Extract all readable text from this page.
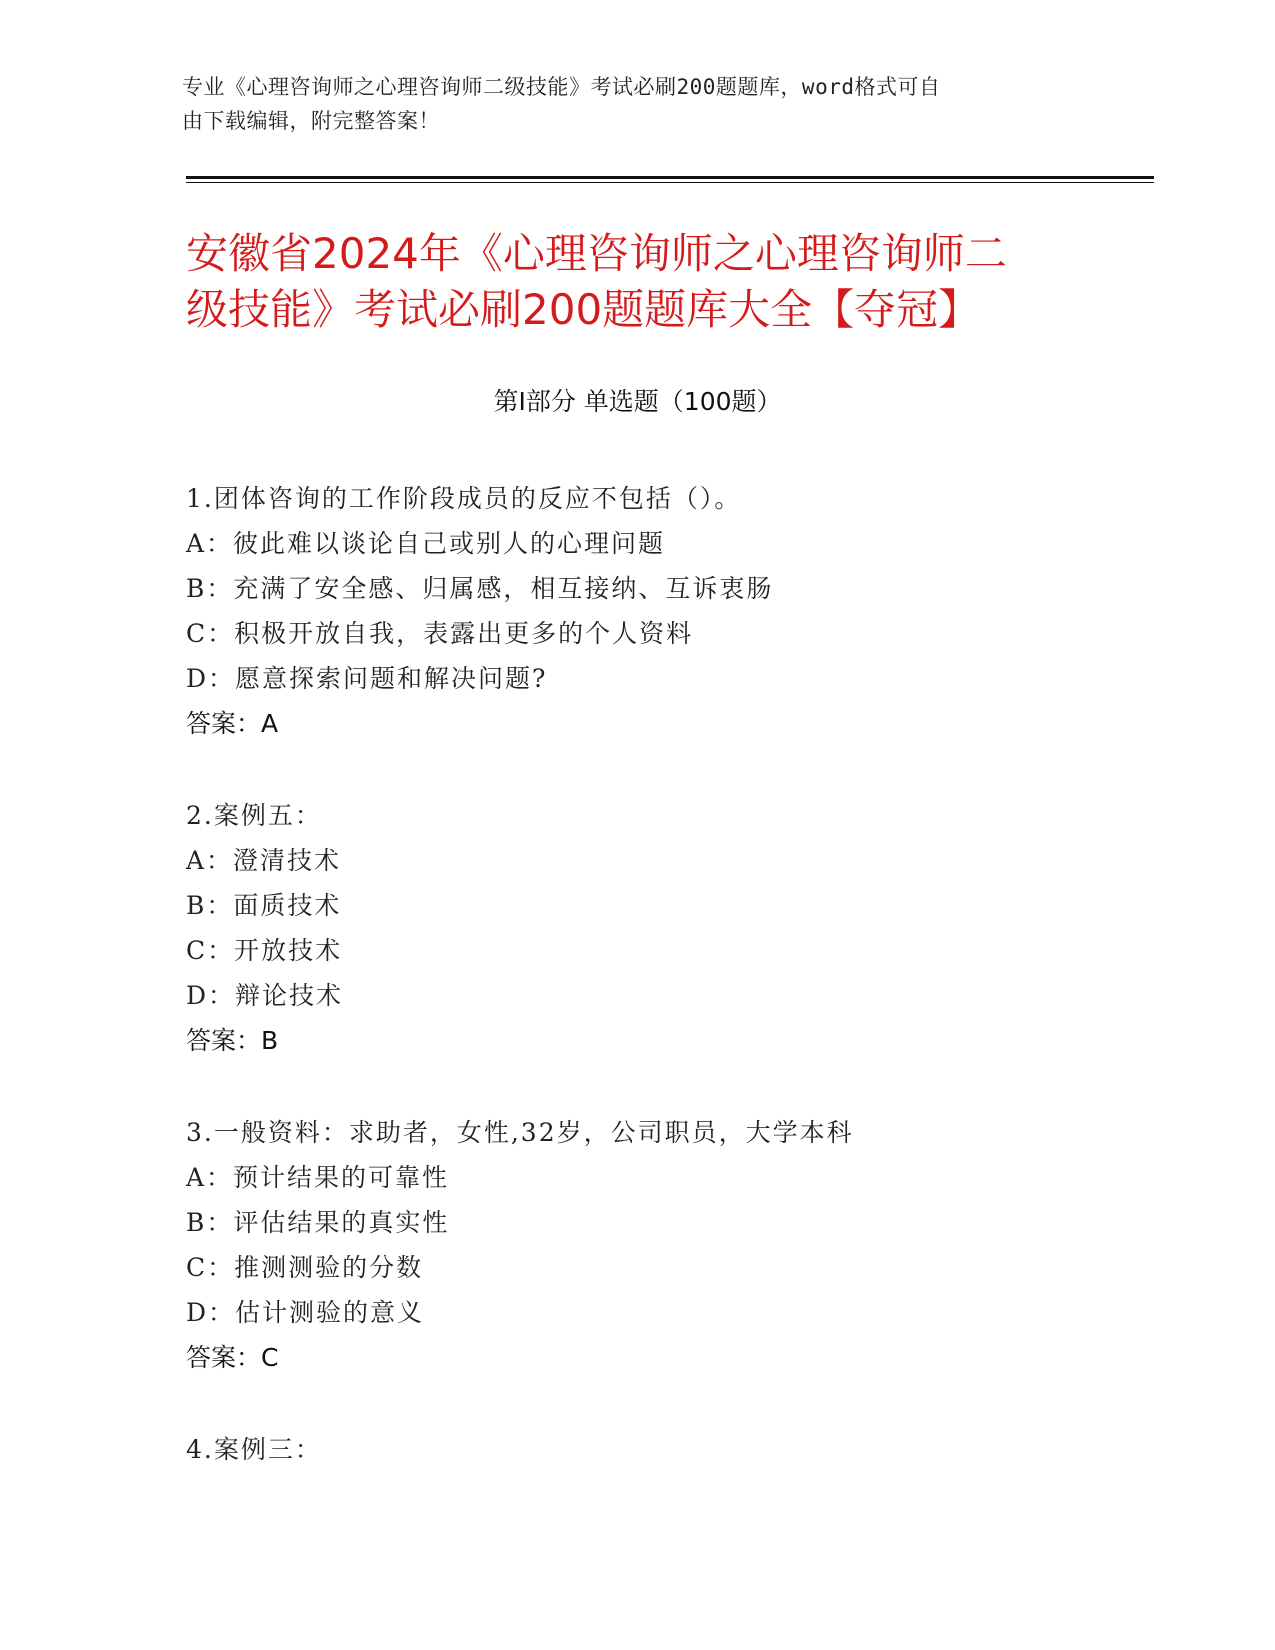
专业《心理咨询师之心理咨询师二级技能》考试必刷200题题库，word格式可自
由下载编辑，附完整答案！
安徽省2024年《心理咨询师之心理咨询师二
级技能》考试必刷200题题库大全【夺冠】
第Ⅰ部分 单选题（100题）
1.团体咨询的工作阶段成员的反应不包括（）。
A：彼此难以谈论自己或别人的心理问题
B：充满了安全感、归属感，相互接纳、互诉衷肠
C：积极开放自我，表露出更多的个人资料
D：愿意探索问题和解决问题?
答案：A
2.案例五：
A：澄清技术
B：面质技术
C：开放技术
D：辩论技术
答案：B
3.一般资料：求助者，女性,32岁，公司职员，大学本科
A：预计结果的可靠性
B：评估结果的真实性
C：推测测验的分数
D：估计测验的意义
答案：C
4.案例三：
